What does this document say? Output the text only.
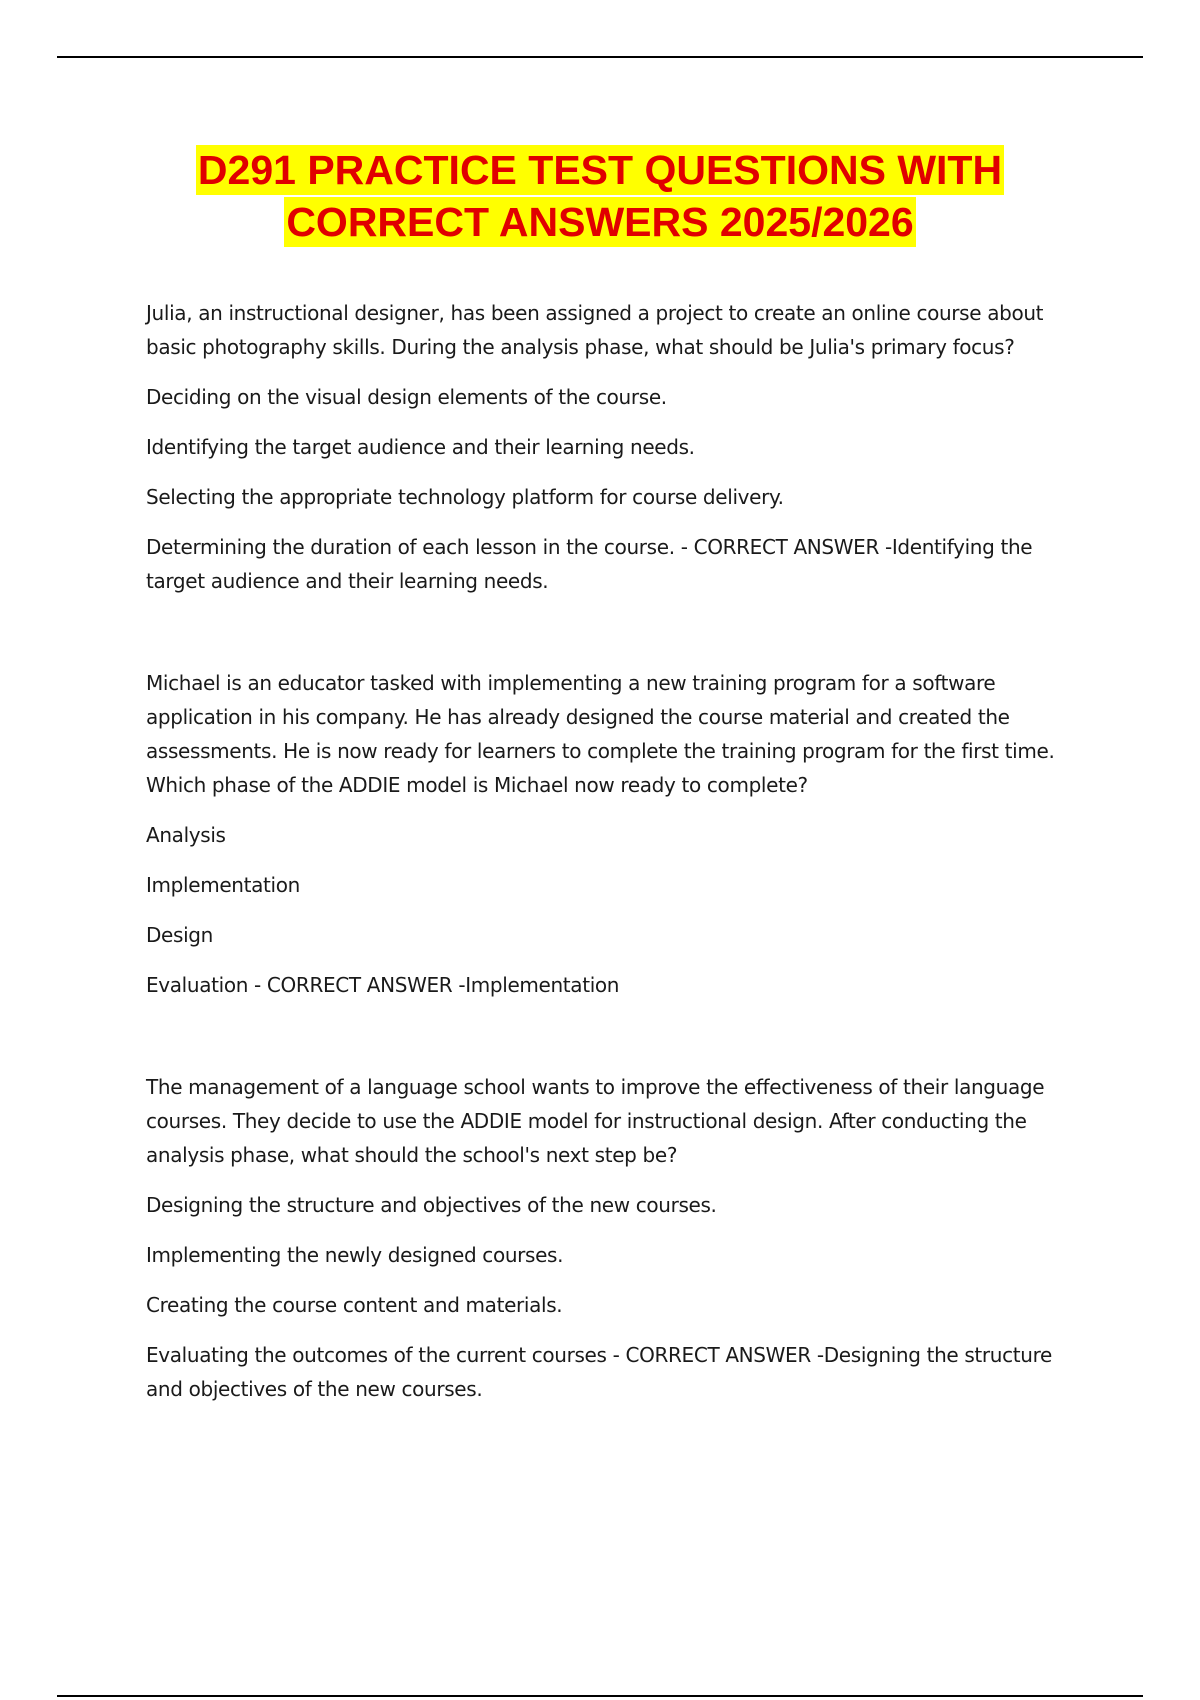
D291 PRACTICE TEST QUESTIONS WITH
CORRECT ANSWERS 2025/2026

Julia, an instructional designer, has been assigned a project to create an online course about basic photography skills. During the analysis phase, what should be Julia's primary focus?

Deciding on the visual design elements of the course.

Identifying the target audience and their learning needs.

Selecting the appropriate technology platform for course delivery.

Determining the duration of each lesson in the course. - CORRECT ANSWER -Identifying the target audience and their learning needs.

Michael is an educator tasked with implementing a new training program for a software application in his company. He has already designed the course material and created the assessments. He is now ready for learners to complete the training program for the first time. Which phase of the ADDIE model is Michael now ready to complete?

Analysis

Implementation

Design

Evaluation - CORRECT ANSWER -Implementation

The management of a language school wants to improve the effectiveness of their language courses. They decide to use the ADDIE model for instructional design. After conducting the analysis phase, what should the school's next step be?

Designing the structure and objectives of the new courses.

Implementing the newly designed courses.

Creating the course content and materials.

Evaluating the outcomes of the current courses - CORRECT ANSWER -Designing the structure and objectives of the new courses.
